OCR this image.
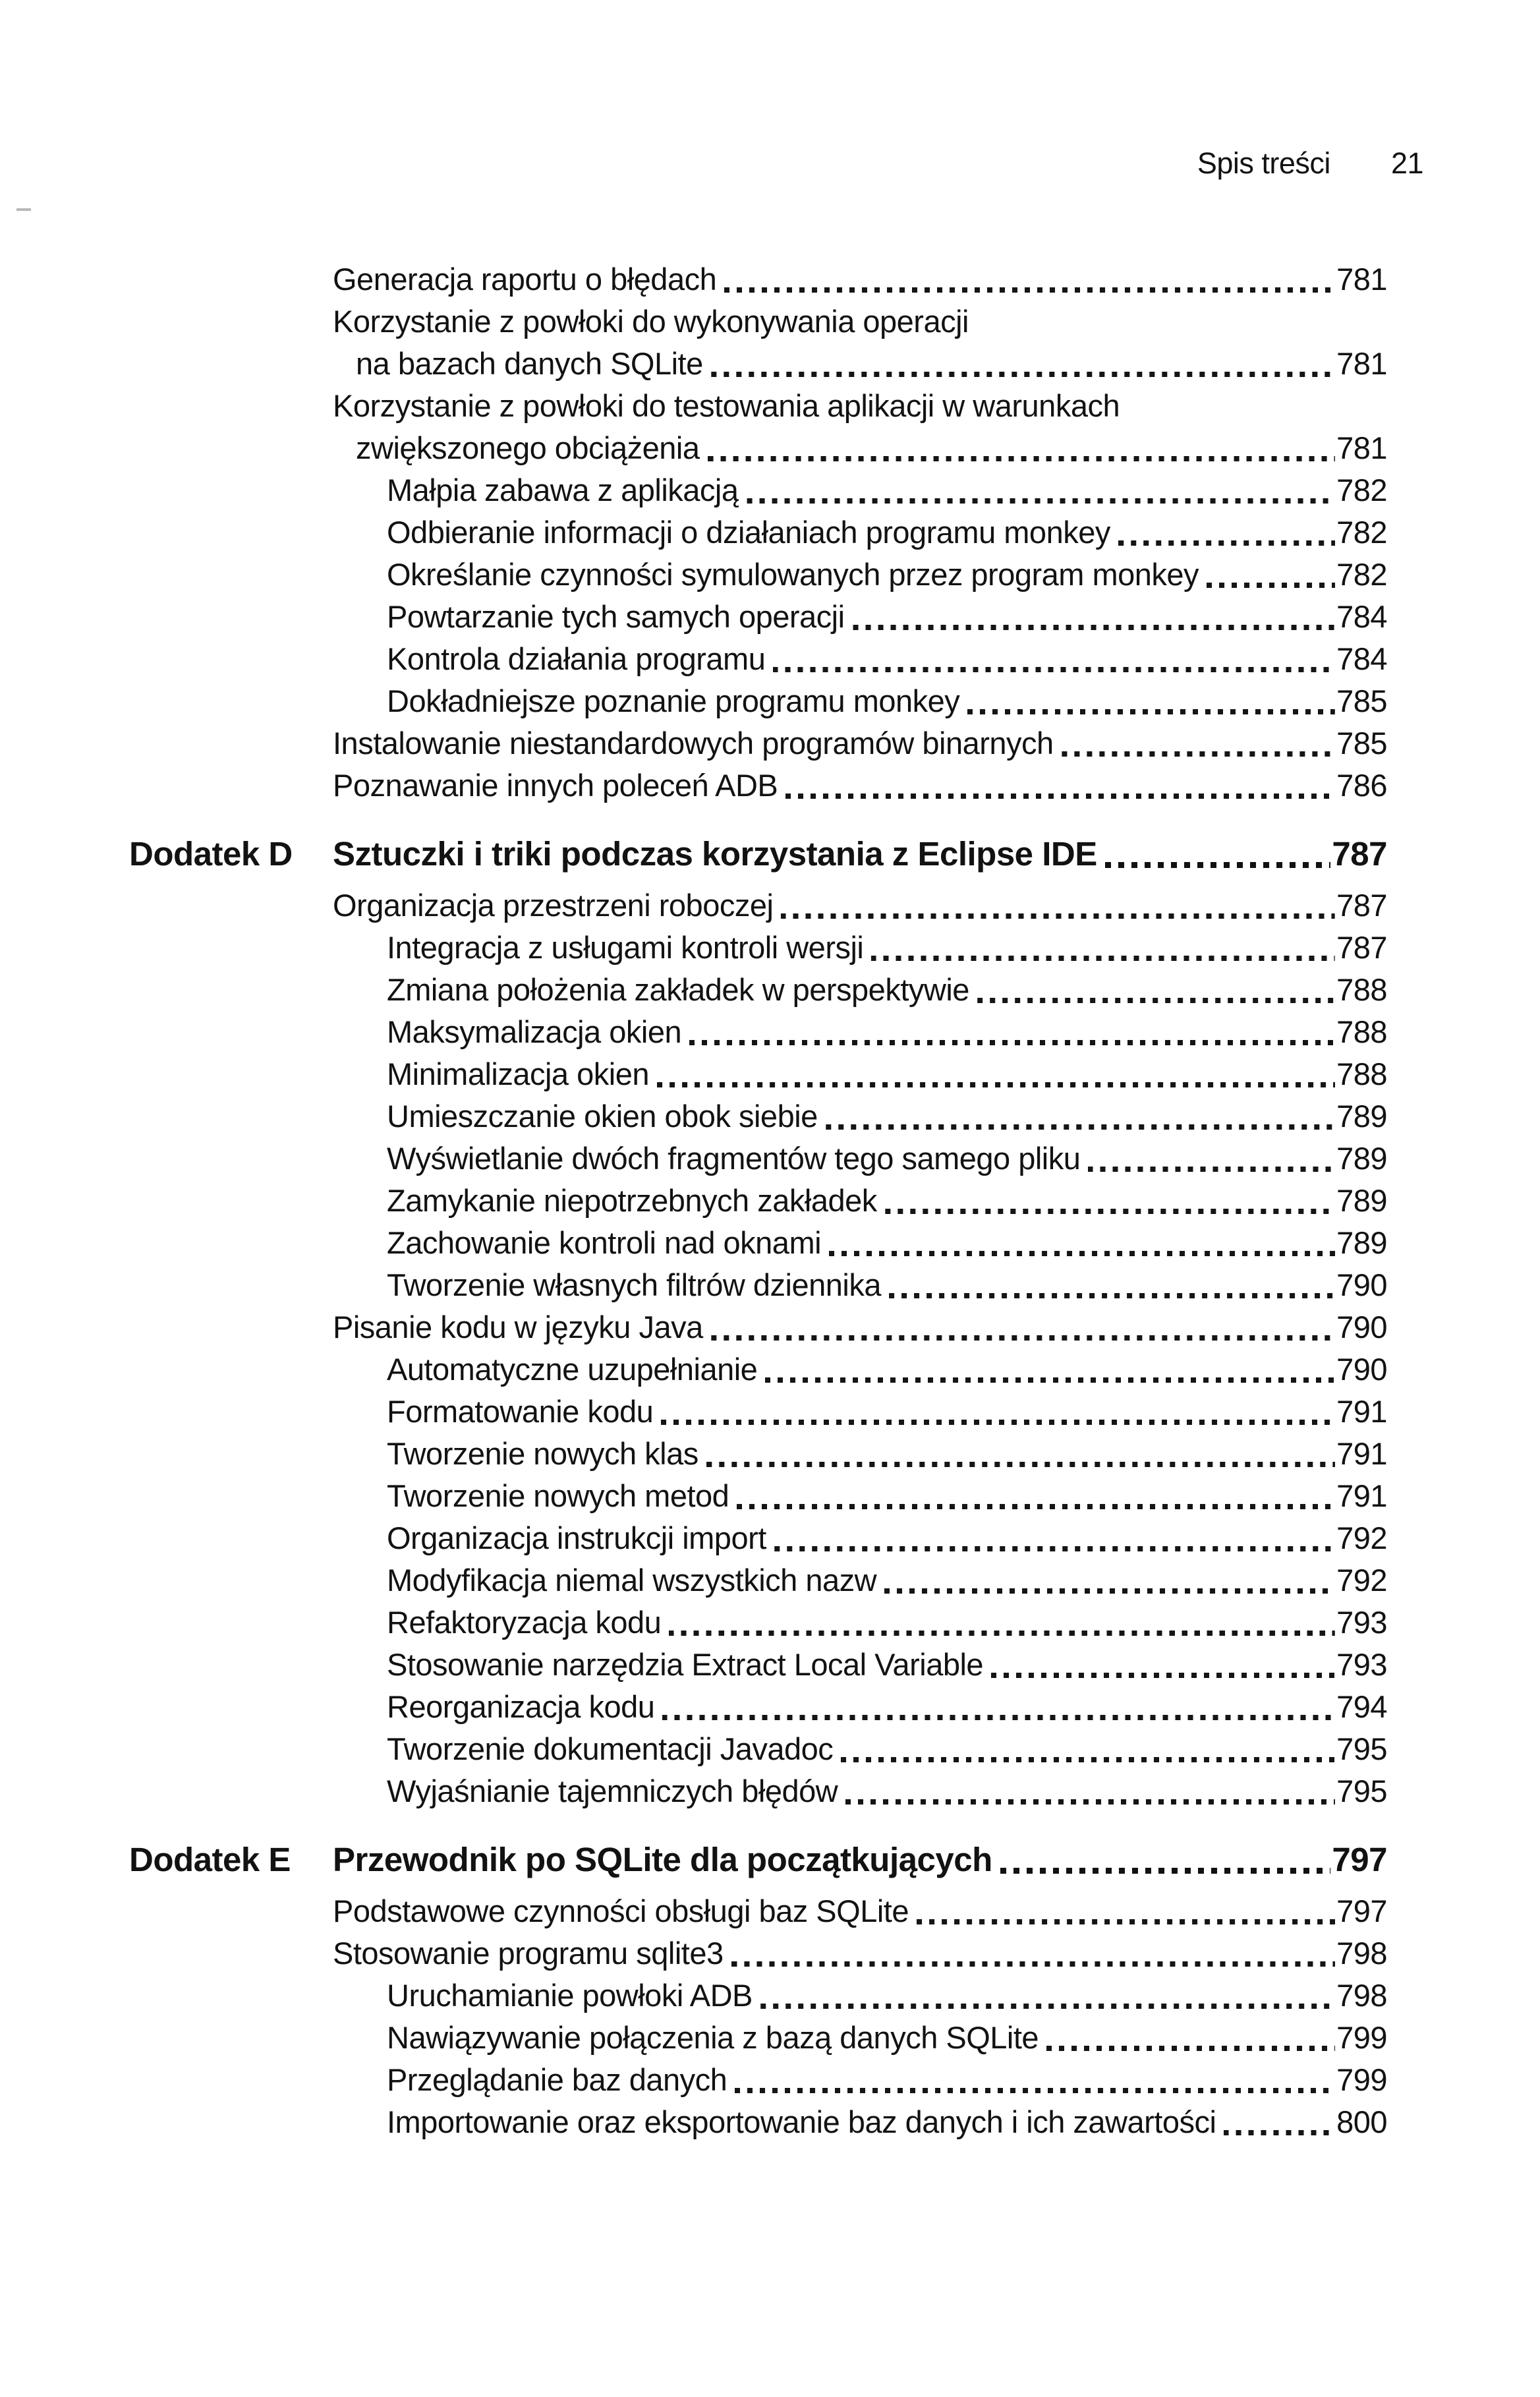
Spis treści 21
Generacja raportu o błędach	781
Korzystanie z powłoki do wykonywania operacji
na bazach danych SQLite	781
Korzystanie z powłoki do testowania aplikacji w warunkach
zwiększonego obciążenia	781
Małpia zabawa z aplikacją	782
Odbieranie informacji o działaniach programu monkey	782
Określanie czynności symulowanych przez program monkey	782
Powtarzanie tych samych operacji	784
Kontrola działania programu	784
Dokładniejsze poznanie programu monkey	785
Instalowanie niestandardowych programów binarnych	785
Poznawanie innych poleceń ADB	786
Dodatek D	Sztuczki i triki podczas korzystania z Eclipse IDE	787
Organizacja przestrzeni roboczej	787
Integracja z usługami kontroli wersji	787
Zmiana położenia zakładek w perspektywie	788
Maksymalizacja okien	788
Minimalizacja okien	788
Umieszczanie okien obok siebie	789
Wyświetlanie dwóch fragmentów tego samego pliku	789
Zamykanie niepotrzebnych zakładek	789
Zachowanie kontroli nad oknami	789
Tworzenie własnych filtrów dziennika	790
Pisanie kodu w języku Java	790
Automatyczne uzupełnianie	790
Formatowanie kodu	791
Tworzenie nowych klas	791
Tworzenie nowych metod	791
Organizacja instrukcji import	792
Modyfikacja niemal wszystkich nazw	792
Refaktoryzacja kodu	793
Stosowanie narzędzia Extract Local Variable	793
Reorganizacja kodu	794
Tworzenie dokumentacji Javadoc	795
Wyjaśnianie tajemniczych błędów	795
Dodatek E	Przewodnik po SQLite dla początkujących	797
Podstawowe czynności obsługi baz SQLite	797
Stosowanie programu sqlite3	798
Uruchamianie powłoki ADB	798
Nawiązywanie połączenia z bazą danych SQLite	799
Przeglądanie baz danych	799
Importowanie oraz eksportowanie baz danych i ich zawartości	800
